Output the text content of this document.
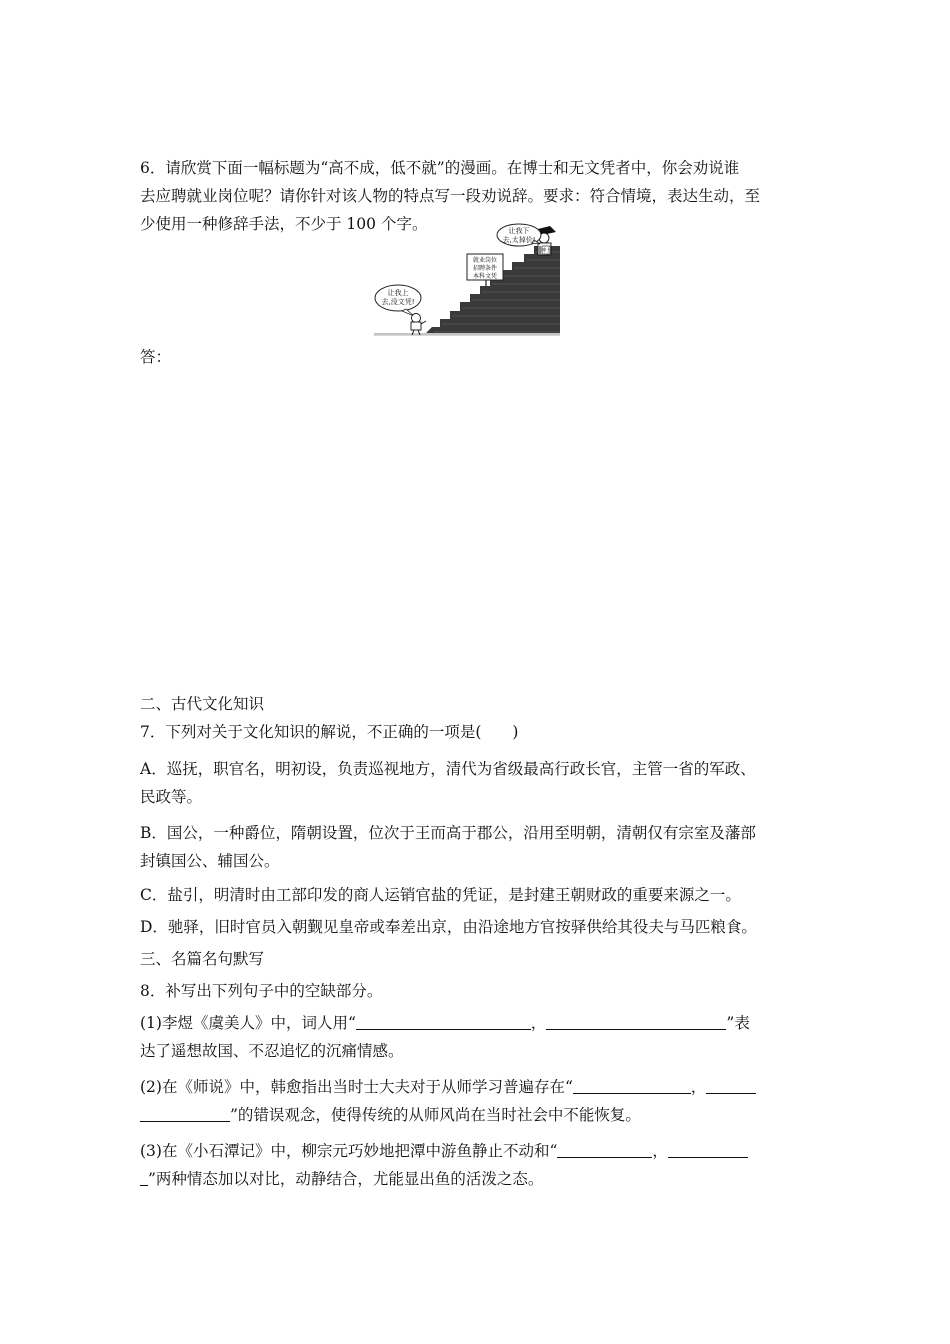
6．请欣赏下面一幅标题为“高不成，低不就”的漫画。在博士和无文凭者中，你会劝说谁
去应聘就业岗位呢？请你针对该人物的特点写一段劝说辞。要求：符合情境，表达生动，至
少使用一种修辞手法，不少于 100 个字。
就业岗位
招聘条件
本科文凭
博士
让我下
去,太掉价!
让我上
去,没文凭!
答：
二、古代文化知识
7．下列对关于文化知识的解说，不正确的一项是(　　)
A．巡抚，职官名，明初设，负责巡视地方，清代为省级最高行政长官，主管一省的军政、
民政等。
B．国公，一种爵位，隋朝设置，位次于王而高于郡公，沿用至明朝，清朝仅有宗室及藩部
封镇国公、辅国公。
C．盐引，明清时由工部印发的商人运销官盐的凭证，是封建王朝财政的重要来源之一。
D．驰驿，旧时官员入朝觐见皇帝或奉差出京，由沿途地方官按驿供给其役夫与马匹粮食。
三、名篇名句默写
8．补写出下列句子中的空缺部分。
(1)李煜《虞美人》中，词人用“	，	”表
达了遥想故国、不忍追忆的沉痛情感。
(2)在《师说》中，韩愈指出当时士大夫对于从师学习普遍存在“	，
”的错误观念，使得传统的从师风尚在当时社会中不能恢复。
(3)在《小石潭记》中，柳宗元巧妙地把潭中游鱼静止不动和“	，
”两种情态加以对比，动静结合，尤能显出鱼的活泼之态。
